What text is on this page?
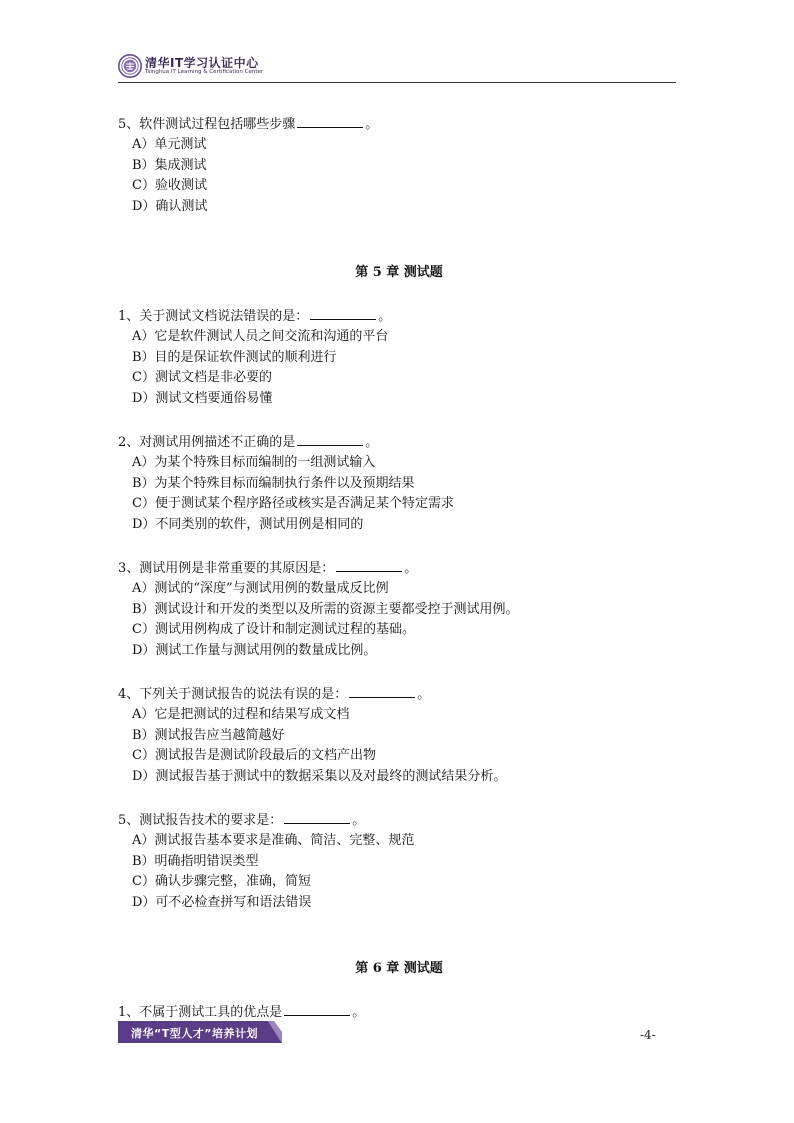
清华IT学习认证中心
Tsinghua IT Learning & Certification Center
5、软件测试过程包括哪些步骤	。
A）单元测试
B）集成测试
C）验收测试
D）确认测试
第 5 章 测试题
1、关于测试文档说法错误的是：	。
A）它是软件测试人员之间交流和沟通的平台
B）目的是保证软件测试的顺利进行
C）测试文档是非必要的
D）测试文档要通俗易懂
2、对测试用例描述不正确的是	。
A）为某个特殊目标而编制的一组测试输入
B）为某个特殊目标而编制执行条件以及预期结果
C）便于测试某个程序路径或核实是否满足某个特定需求
D）不同类别的软件，测试用例是相同的
3、测试用例是非常重要的其原因是：	。
A）测试的“深度”与测试用例的数量成反比例
B）测试设计和开发的类型以及所需的资源主要都受控于测试用例。
C）测试用例构成了设计和制定测试过程的基础。
D）测试工作量与测试用例的数量成比例。
4、下列关于测试报告的说法有误的是：	。
A）它是把测试的过程和结果写成文档
B）测试报告应当越简越好
C）测试报告是测试阶段最后的文档产出物
D）测试报告基于测试中的数据采集以及对最终的测试结果分析。
5、测试报告技术的要求是：	。
A）测试报告基本要求是准确、简洁、完整、规范
B）明确指明错误类型
C）确认步骤完整，准确，简短
D）可不必检查拼写和语法错误
第 6 章 测试题
1、不属于测试工具的优点是	。
清华“T型人才”培养计划	-4-
